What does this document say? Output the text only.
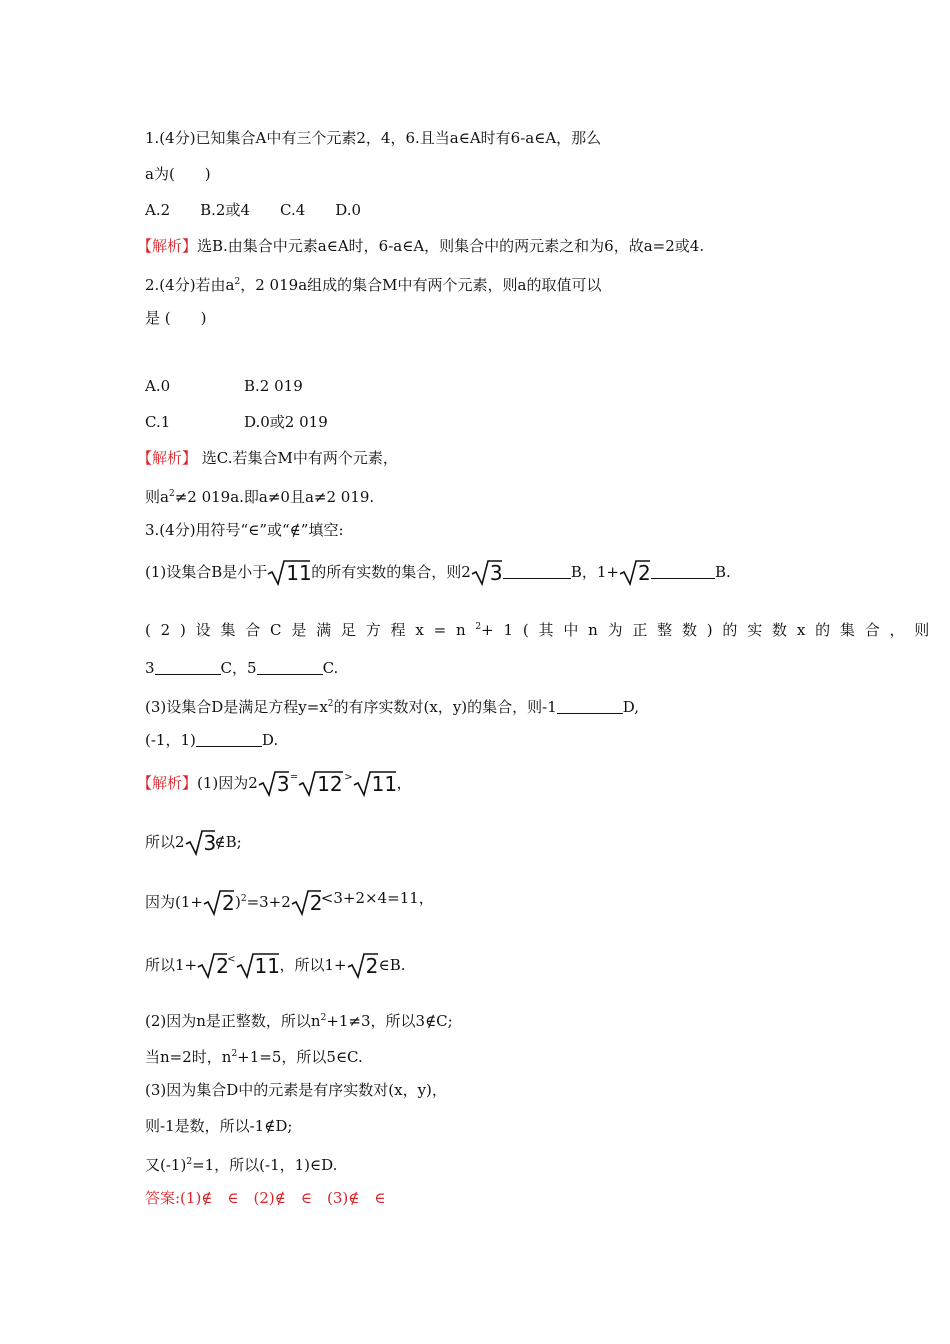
1.(4分)已知集合A中有三个元素2，4，6.且当a∈A时有6-a∈A，那么
a为(　　)
A.2　　B.2或4　　C.4　　D.0
【解析】选B.由集合中元素a∈A时，6-a∈A，则集合中的两元素之和为6，故a=2或4.
2.(4分)若由$a^2$，2 019a组成的集合M中有两个元素，则a的取值可以
是 (　　)
A.0	B.2 019
C.1	D.0或2 019
【解析】 选C.若集合M中有两个元素，
则$a^2\ne 2$ 019a.即a≠0且a≠2 019.
3.(4分)用符号“∈”或“∉”填空:
(1)设集合B是小于 11 的所有实数的集合，则2 3	B，1+ 2	B.
(2)设集合C是满足方程$x=n^2+1$(其中n为正整数)的实数x的集合，则
3	C，5	C.
(3)设集合D是满足方程$y=x^2$的有序实数对(x，y)的集合，则-1	D,
(-1，1)	D.
【解析】(1)因为2 3 = 12 > 11 ，
所以2 3
∉B;
因为(1+ 2 )$^2$=3+2 2
<3+2×4=11，
所以1+ 2
< 11 ，所以1+ 2 ∈B.
(2)因为n是正整数，所以$n^2+1\ne 3$，所以3∉C;
当n=2时，$n^2+1=5$，所以5∈C.
(3)因为集合D中的元素是有序实数对(x，y)，
则-1是数，所以-1∉D;
又$(-1)^2=1$，所以(-1，1)∈D.
答案:(1)∉　∈　(2)∉　∈　(3)∉　∈
